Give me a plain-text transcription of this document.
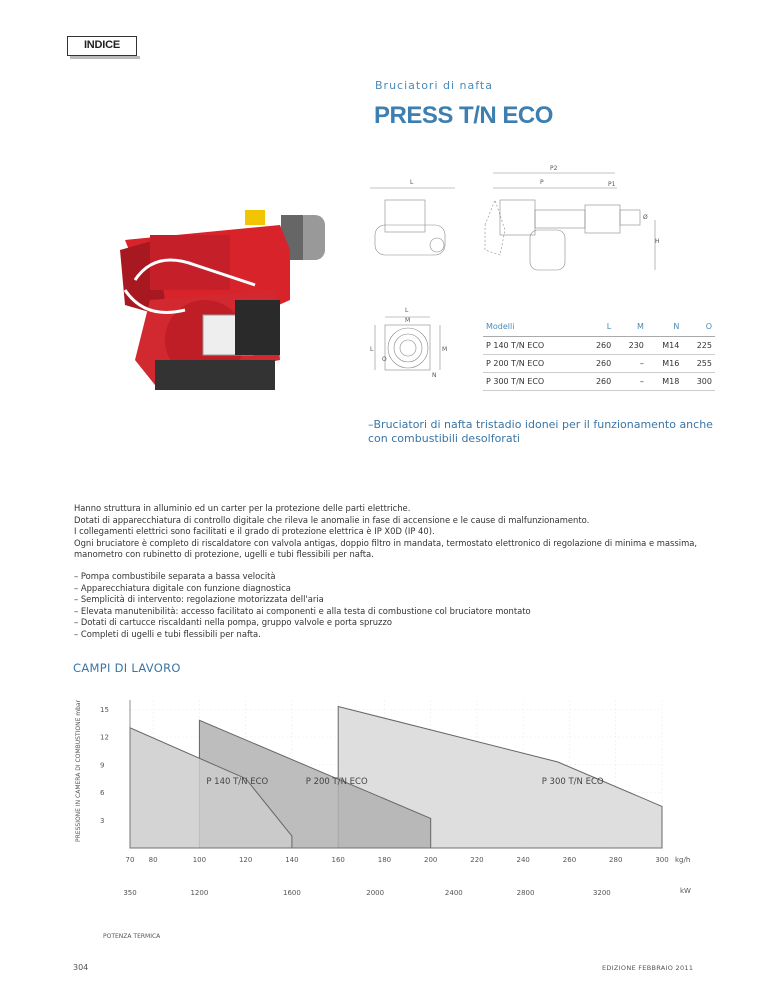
INDICE
Bruciatori di nafta
PRESS T/N ECO
L	P	P1
P2
H
Ø
L
M
L	M
O
N
Modelli	L	M	N	O
P 140 T/N ECO	260	230	M14	225
P 200 T/N ECO	260	–	M16	255
P 300 T/N ECO	260	–	M18	300
–Bruciatori di nafta tristadio idonei per il funzionamento anche con combustibili desolforati
Hanno struttura in alluminio ed un carter per la protezione delle parti elettriche.
Dotati di apparecchiatura di controllo digitale che rileva le anomalie in fase di accensione e le cause di malfunzionamento.
I collegamenti elettrici sono facilitati e il grado di protezione elettrica è IP X0D (IP 40).
Ogni bruciatore è completo di riscaldatore con valvola antigas, doppio filtro in mandata, termostato elettronico di regolazione di minima e massima, manometro con rubinetto di protezione, ugelli e tubi flessibili per nafta.
– Pompa combustibile separata a bassa velocità
– Apparecchiatura digitale con funzione diagnostica
– Semplicità di intervento: regolazione motorizzata dell'aria
– Elevata manutenibilità: accesso facilitato ai componenti e alla testa di combustione col bruciatore montato
– Dotati di cartucce riscaldanti nella pompa, gruppo valvole e porta spruzzo
– Completi di ugelli e tubi flessibili per nafta.
CAMPI DI LAVORO
3
6
9
12
15
70 80	100	120	140	160	180	200	220	240	260	280	300
350	1200	1600	2000	2400	2800	3200
P 140 T/N ECO	P 200 T/N ECO	P 300 T/N ECO
PRESSIONE IN CAMERA DI COMBUSTIONE mbar
POTENZA TERMICA
kg/h
kW
304	EDIZIONE FEBBRAIO 2011
